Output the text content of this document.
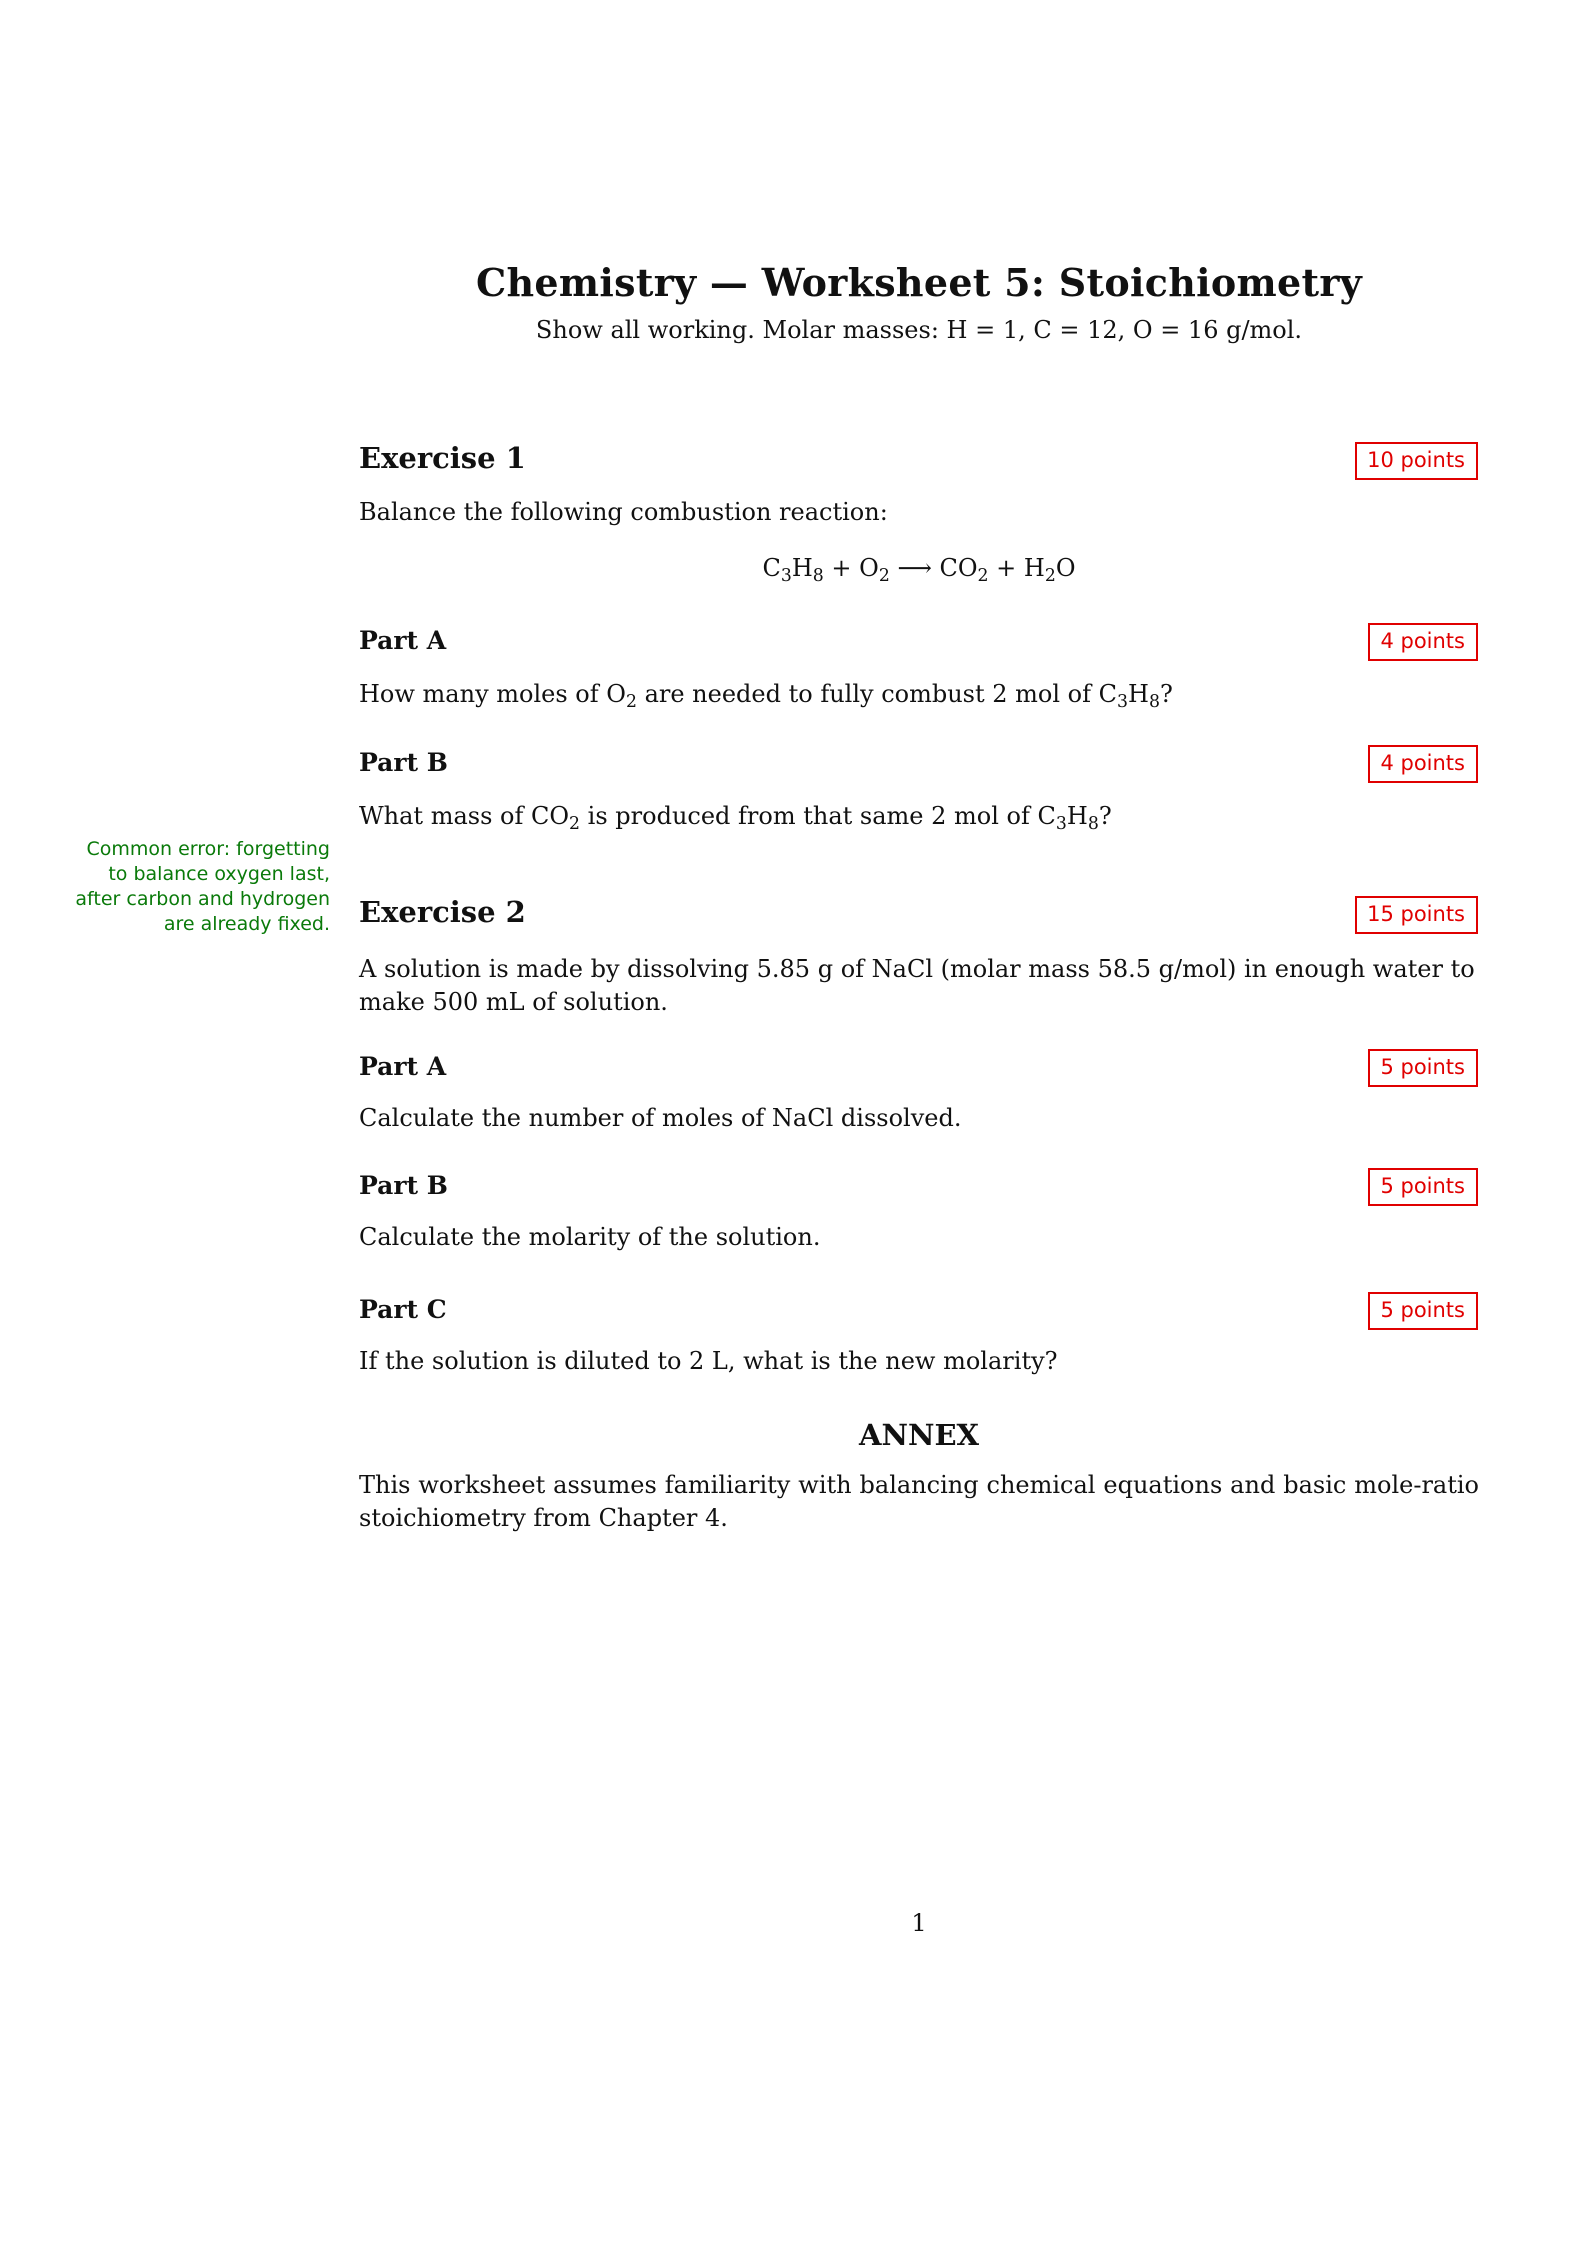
Chemistry — Worksheet 5: Stoichiometry
Show all working. Molar masses: H = 1, C = 12, O = 16 g/mol.
Common error: forgetting to balance oxygen last, after carbon and hydrogen are already fixed.
Exercise 1	10 points
Balance the following combustion reaction:
$C_3H_8 + O_2$ ⟶ $CO_2 + H_2O$
Part A	4 points
How many moles of $O_2$ are needed to fully combust 2 mol of $C_3H_8$?
Part B	4 points
What mass of $CO_2$ is produced from that same 2 mol of $C_3H_8$?
Exercise 2	15 points
A solution is made by dissolving 5.85 g of NaCl (molar mass 58.5 g/mol) in enough water to make 500 mL of solution.
Part A	5 points
Calculate the number of moles of NaCl dissolved.
Part B	5 points
Calculate the molarity of the solution.
Part C	5 points
If the solution is diluted to 2 L, what is the new molarity?
ANNEX
This worksheet assumes familiarity with balancing chemical equations and basic mole-ratio stoichiometry from Chapter 4.
1
